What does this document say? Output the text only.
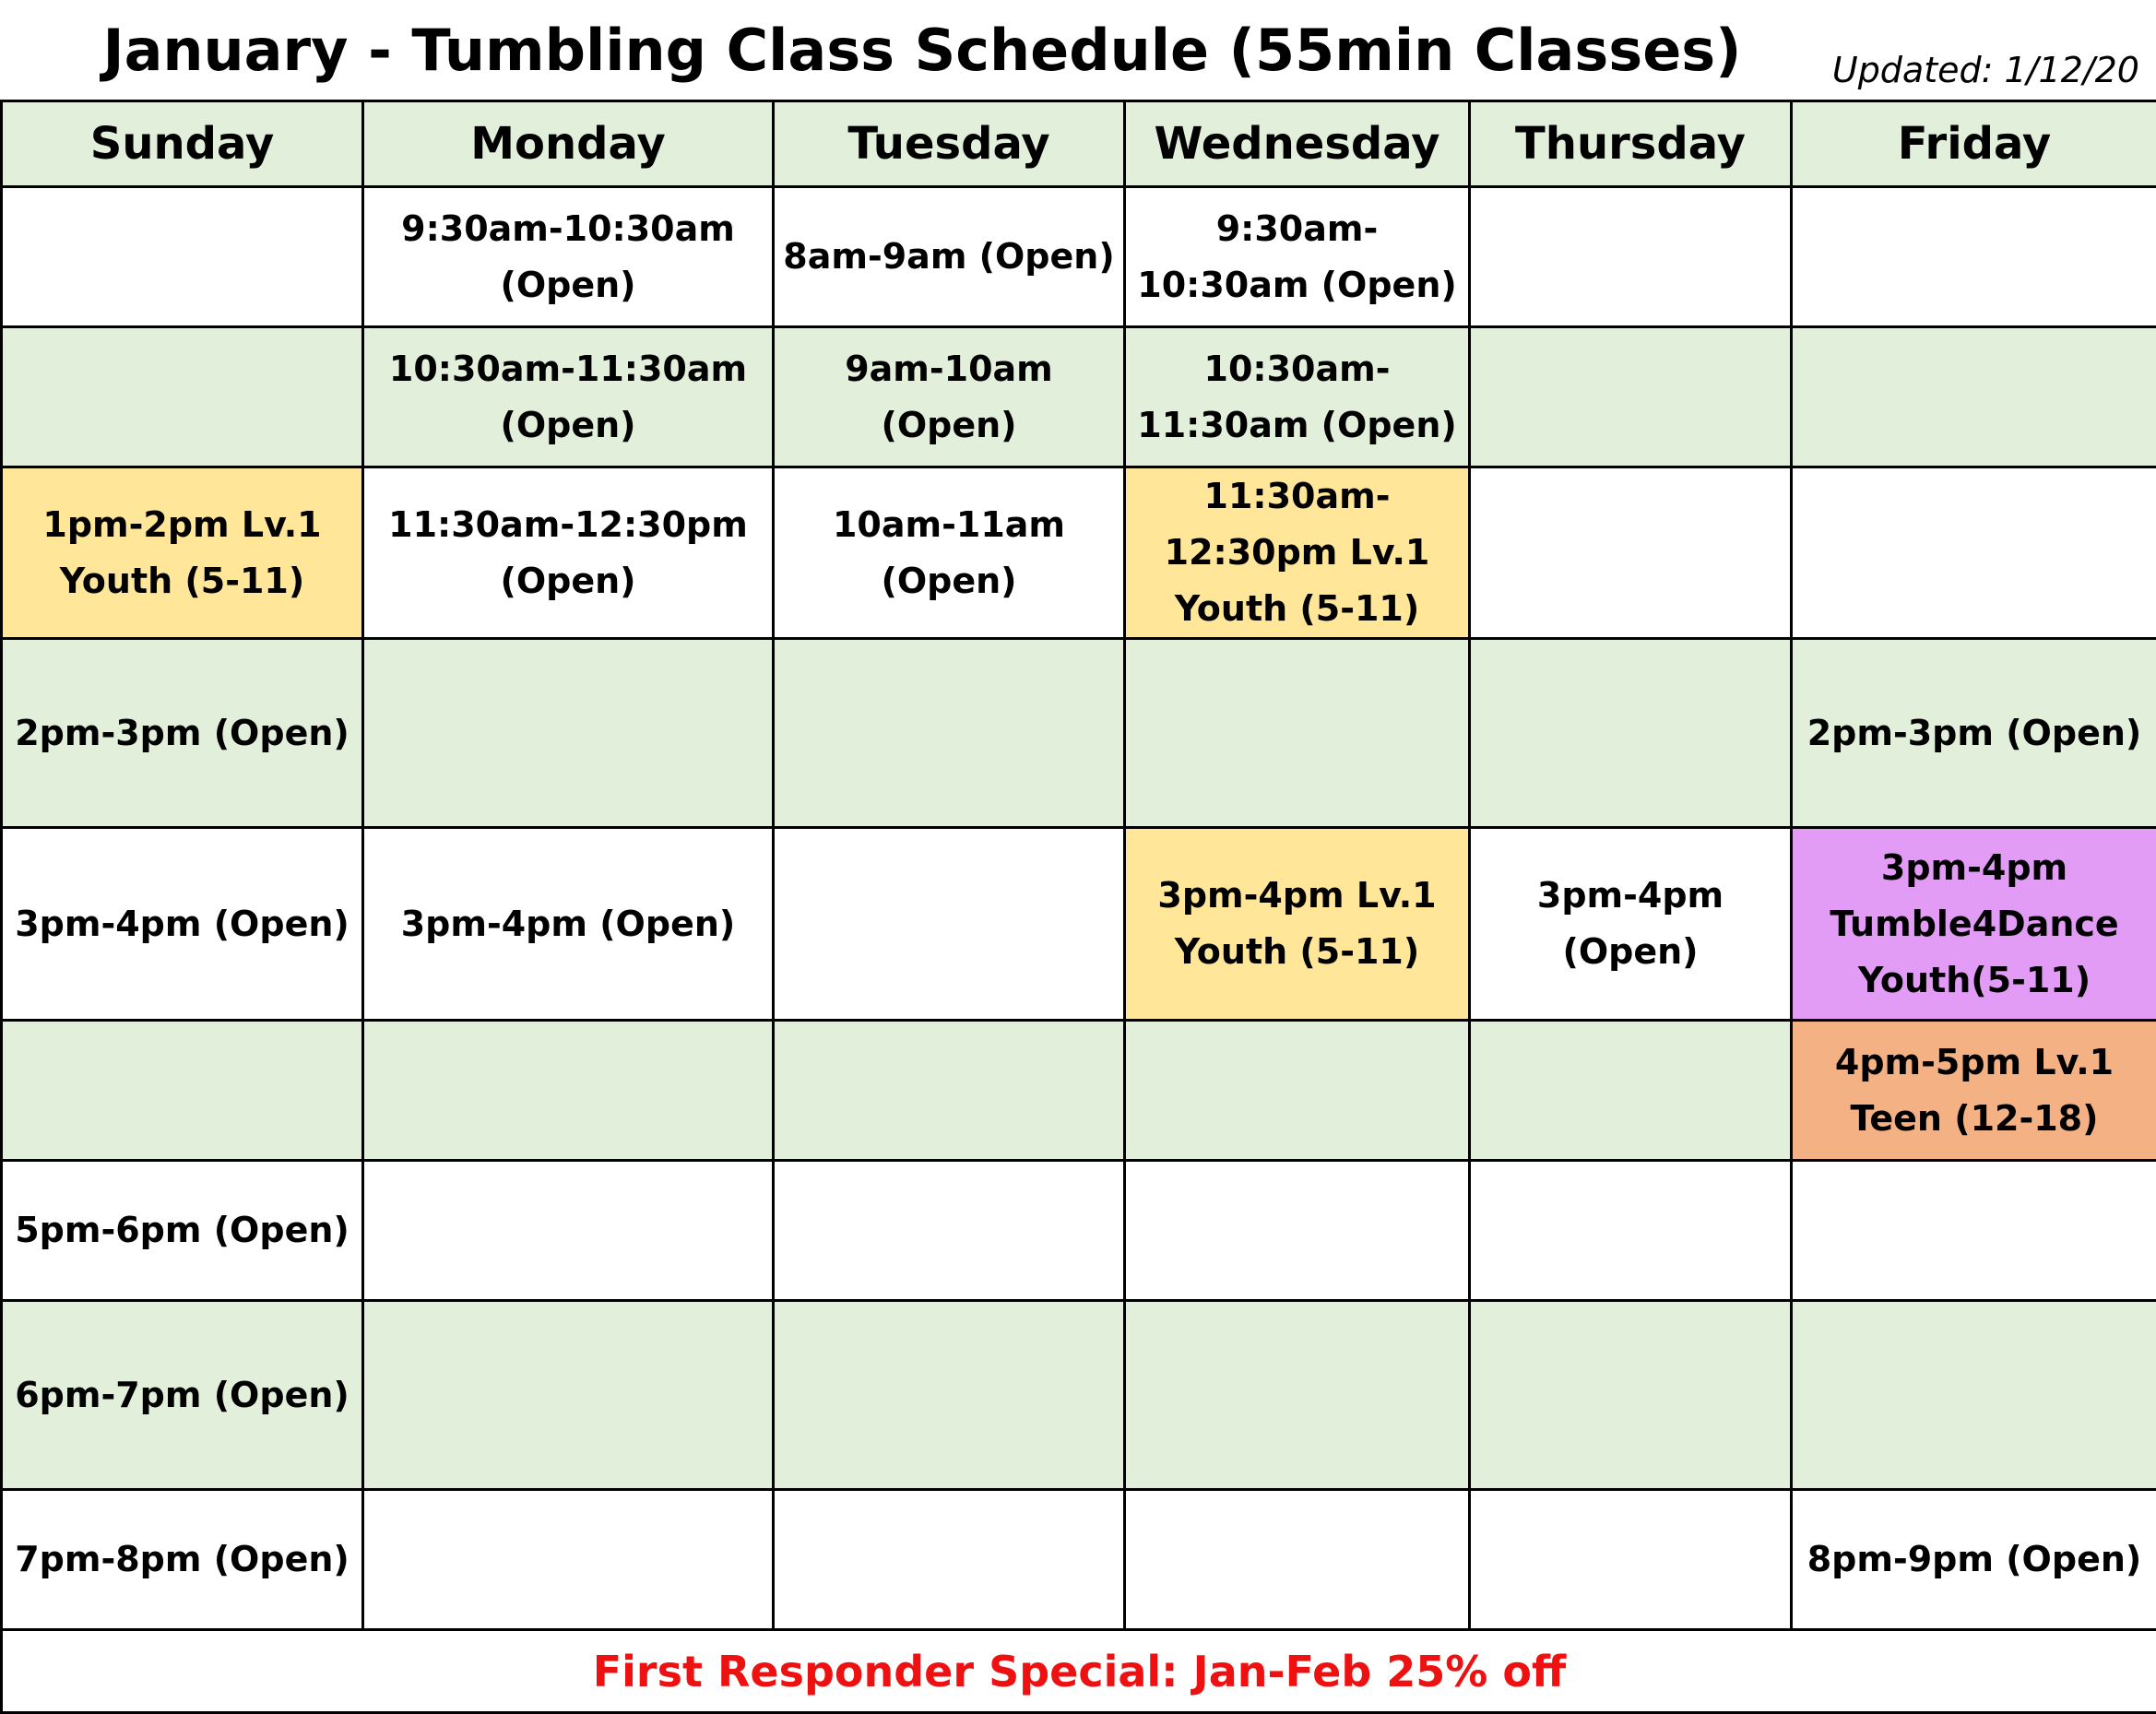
January - Tumbling Class Schedule (55min Classes)	Updated: 1/12/20
Sunday	Monday	Tuesday	Wednesday	Thursday	Friday
	9:30am-10:30am (Open)	8am-9am (Open)	9:30am-10:30am (Open)		
	10:30am-11:30am (Open)	9am-10am (Open)	10:30am-11:30am (Open)		
1pm-2pm Lv.1 Youth (5-11)	11:30am-12:30pm (Open)	10am-11am (Open)	11:30am-12:30pm Lv.1 Youth (5-11)		
2pm-3pm (Open)					2pm-3pm (Open)
3pm-4pm (Open)	3pm-4pm (Open)		3pm-4pm Lv.1 Youth (5-11)	3pm-4pm (Open)	3pm-4pm Tumble4Dance Youth(5-11)
					4pm-5pm Lv.1 Teen (12-18)
5pm-6pm (Open)					
6pm-7pm (Open)					
7pm-8pm (Open)					8pm-9pm (Open)
First Responder Special: Jan-Feb 25% off					
